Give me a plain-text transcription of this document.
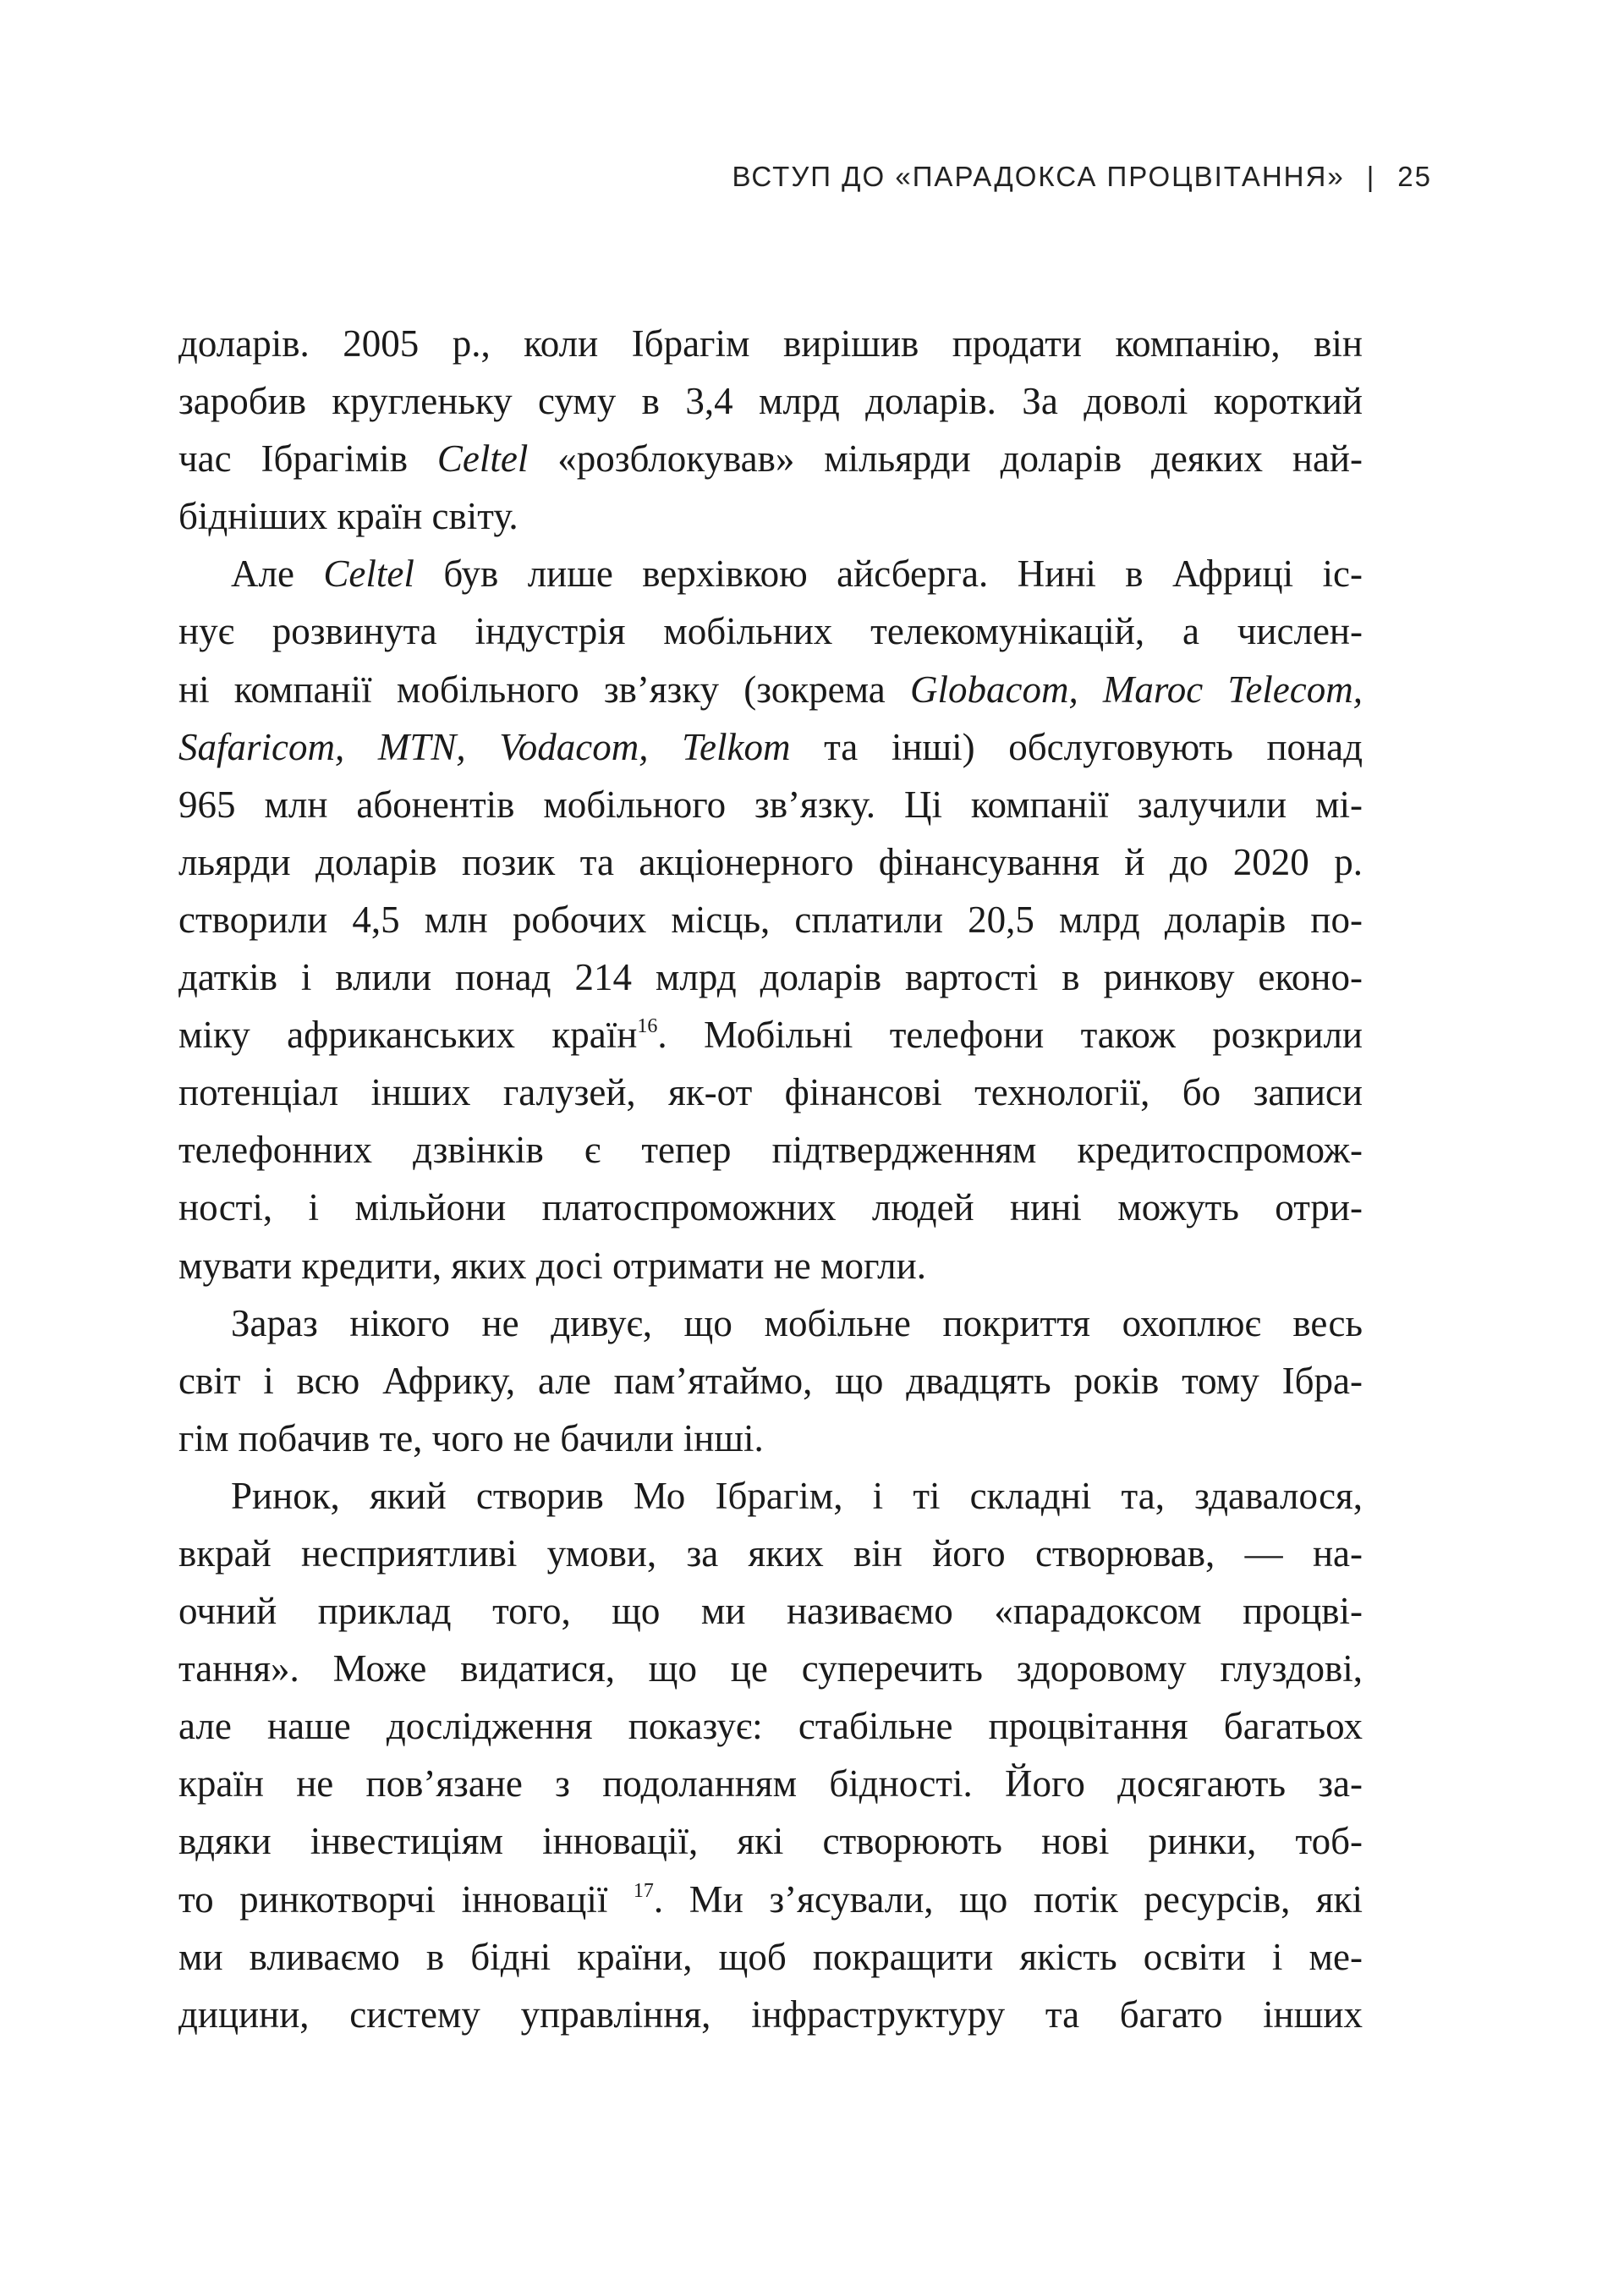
ВСТУП ДО «ПАРАДОКСА ПРОЦВІТАННЯ» | 25
доларів. 2005 р., коли Ібрагім вирішив продати компанію, він
заробив кругленьку суму в 3,4 млрд доларів. За доволі короткий
час Ібрагімів Celtel «розблокував» мільярди доларів деяких най-
бідніших країн світу.
Але Celtel був лише верхівкою айсберга. Нині в Африці іс-
нує розвинута індустрія мобільних телекомунікацій, а числен-
ні компанії мобільного зв’язку (зокрема Globacom, Maroc Telecom,
Safaricom, MTN, Vodacom, Telkom та інші) обслуговують понад
965 млн абонентів мобільного зв’язку. Ці компанії залучили мі-
льярди доларів позик та акціонерного фінансування й до 2020 р.
створили 4,5 млн робочих місць, сплатили 20,5 млрд доларів по-
датків і влили понад 214 млрд доларів вартості в ринкову еконо-
міку африканських країн$^{16}$. Мобільні телефони також розкрили
потенціал інших галузей, як-от фінансові технології, бо записи
телефонних дзвінків є тепер підтвердженням кредитоспромож-
ності, і мільйони платоспроможних людей нині можуть отри-
мувати кредити, яких досі отримати не могли.
Зараз нікого не дивує, що мобільне покриття охоплює весь
світ і всю Африку, але пам’ятаймо, що двадцять років тому Ібра-
гім побачив те, чого не бачили інші.
Ринок, який створив Мо Ібрагім, і ті складні та, здавалося,
вкрай несприятливі умови, за яких він його створював, — на-
очний приклад того, що ми називаємо «парадоксом процві-
тання». Може видатися, що це суперечить здоровому глуздові,
але наше дослідження показує: стабільне процвітання багатьох
країн не пов’язане з подоланням бідності. Його досягають за-
вдяки інвестиціям інновації, які створюють нові ринки, тоб-
то ринкотворчі інновації $^{17}$. Ми з’ясували, що потік ресурсів, які
ми вливаємо в бідні країни, щоб покращити якість освіти і ме-
дицини, систему управління, інфраструктуру та багато інших
